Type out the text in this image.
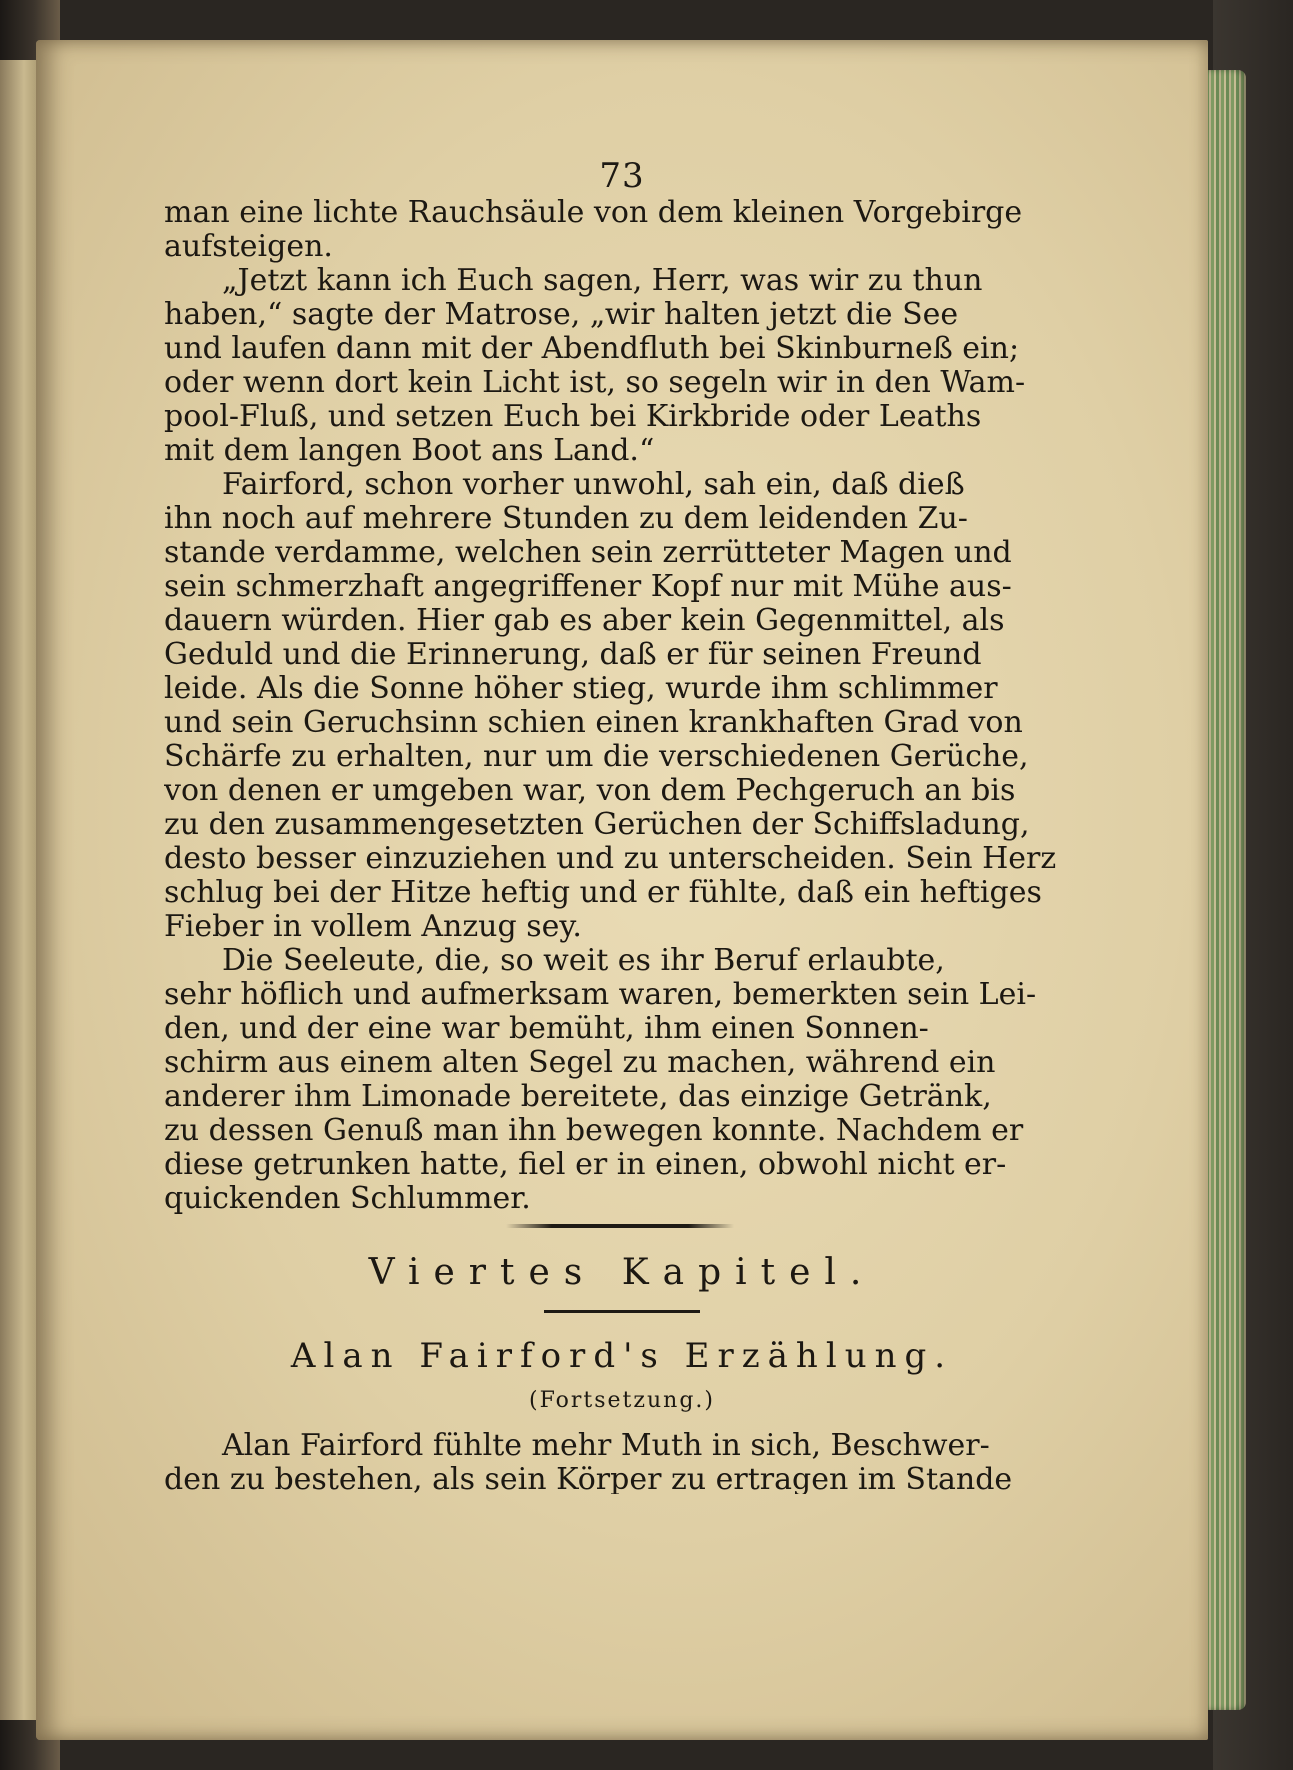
73
man eine lichte Rauchsäule von dem kleinen Vorgebirge
aufsteigen.
„Jetzt kann ich Euch sagen, Herr, was wir zu thun
haben,“ sagte der Matrose, „wir halten jetzt die See
und laufen dann mit der Abendfluth bei Skinburneß ein;
oder wenn dort kein Licht ist, so segeln wir in den Wam-
pool-Fluß, und setzen Euch bei Kirkbride oder Leaths
mit dem langen Boot ans Land.“
Fairford, schon vorher unwohl, sah ein, daß dieß
ihn noch auf mehrere Stunden zu dem leidenden Zu-
stande verdamme, welchen sein zerrütteter Magen und
sein schmerzhaft angegriffener Kopf nur mit Mühe aus-
dauern würden. Hier gab es aber kein Gegenmittel, als
Geduld und die Erinnerung, daß er für seinen Freund
leide. Als die Sonne höher stieg, wurde ihm schlimmer
und sein Geruchsinn schien einen krankhaften Grad von
Schärfe zu erhalten, nur um die verschiedenen Gerüche,
von denen er umgeben war, von dem Pechgeruch an bis
zu den zusammengesetzten Gerüchen der Schiffsladung,
desto besser einzuziehen und zu unterscheiden. Sein Herz
schlug bei der Hitze heftig und er fühlte, daß ein heftiges
Fieber in vollem Anzug sey.
Die Seeleute, die, so weit es ihr Beruf erlaubte,
sehr höflich und aufmerksam waren, bemerkten sein Lei-
den, und der eine war bemüht, ihm einen Sonnen-
schirm aus einem alten Segel zu machen, während ein
anderer ihm Limonade bereitete, das einzige Getränk,
zu dessen Genuß man ihn bewegen konnte. Nachdem er
diese getrunken hatte, fiel er in einen, obwohl nicht er-
quickenden Schlummer.
Viertes Kapitel.
Alan Fairford's Erzählung.
(Fortsetzung.)
Alan Fairford fühlte mehr Muth in sich, Beschwer-
den zu bestehen, als sein Körper zu ertragen im Stande
